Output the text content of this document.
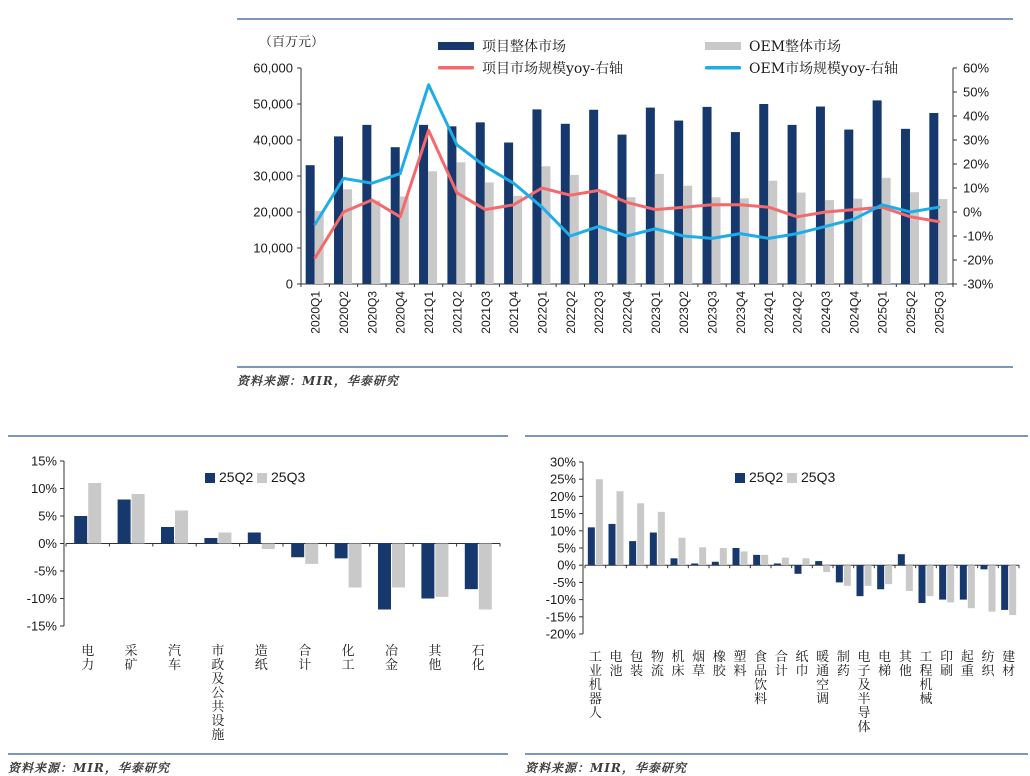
（百万元）
0
10,000
20,000
30,000
40,000
50,000
60,000
-30%
-20%
-10%
0%
10%
20%
30%
40%
50%
60%
2020Q1 2020Q2 2020Q3 2020Q4 2021Q1 2021Q2 2021Q3 2021Q4 2022Q1 2022Q2 2022Q3 2022Q4 2023Q1 2023Q2 2023Q3 2023Q4 2024Q1 2024Q2 2024Q3 2024Q4 2025Q1 2025Q2 2025Q3
项目整体市场	OEM整体市场
项目市场规模yoy-右轴	OEM市场规模yoy-右轴
资料来源：MIR，华泰研究
15%
10%
5%
0%
-5%
-10%
-15%
电力
采矿
汽车
市政及公共设施
造纸
合计
化工
冶金
其他
石化
25Q2 25Q3
资料来源：MIR，华泰研究
30%
25%
20%
15%
10%
5%
0%
-5%
-10%
-15%
-20%
工业机器人
电池
包装
物流
机床
烟草
橡胶
塑料
食品饮料
合计
纸巾
暖通空调
制药
电子及半导体
电梯
其他
工程机械
印刷
起重
纺织
建材
25Q2 25Q3
资料来源：MIR，华泰研究
